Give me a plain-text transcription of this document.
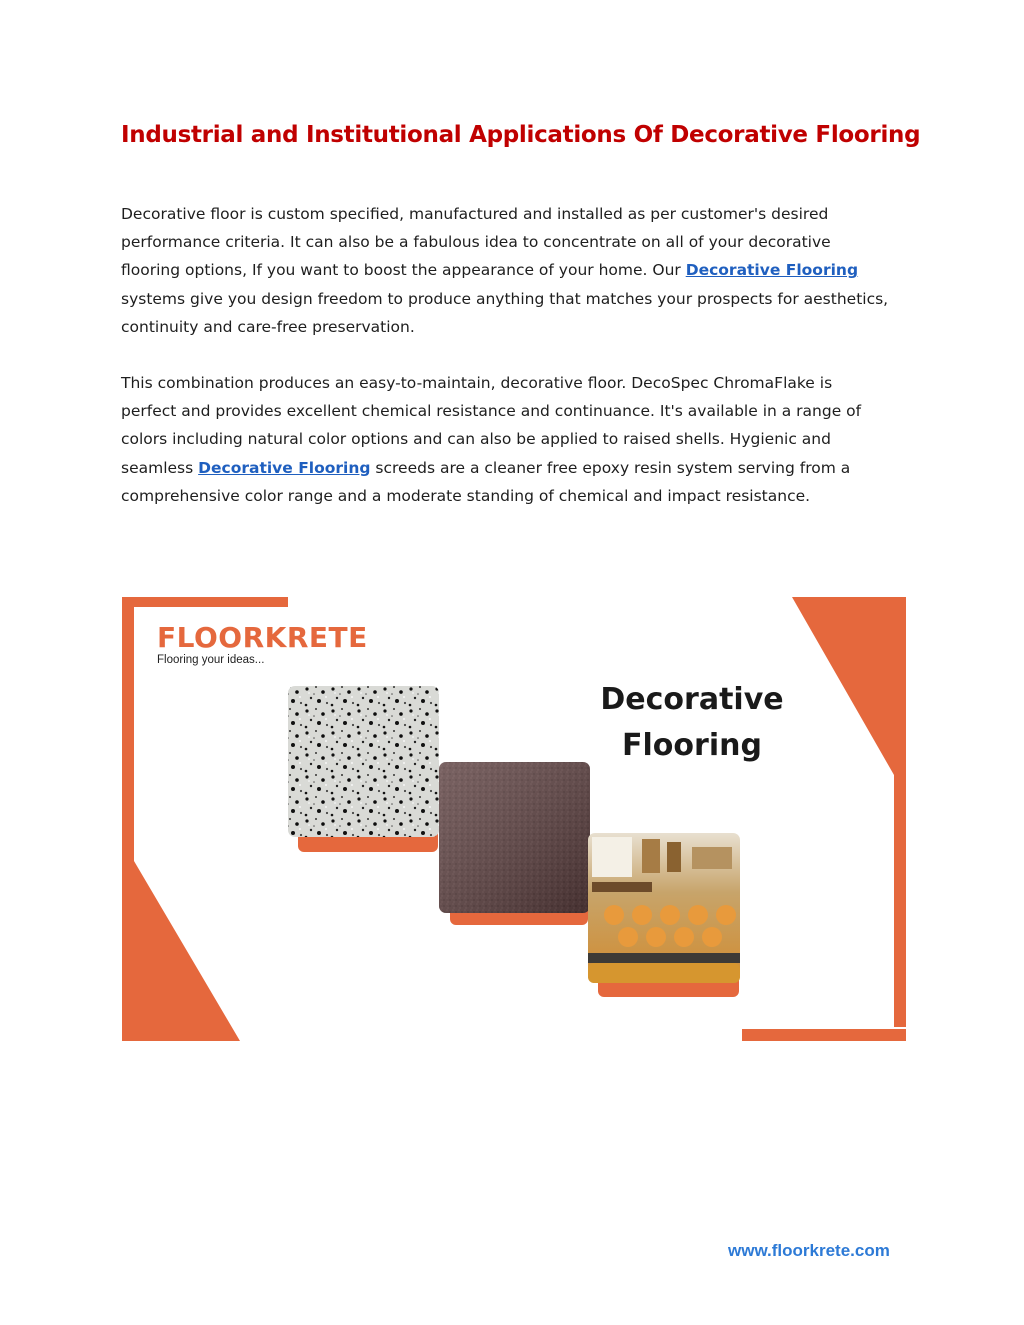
Industrial and Institutional Applications Of Decorative Flooring

Decorative floor is custom specified, manufactured and installed as per customer's desired performance criteria. It can also be a fabulous idea to concentrate on all of your decorative flooring options, If you want to boost the appearance of your home. Our Decorative Flooring systems give you design freedom to produce anything that matches your prospects for aesthetics, continuity and care-free preservation.

This combination produces an easy-to-maintain, decorative floor. DecoSpec ChromaFlake is perfect and provides excellent chemical resistance and continuance. It's available in a range of colors including natural color options and can also be applied to raised shells. Hygienic and seamless Decorative Flooring screeds are a cleaner free epoxy resin system serving from a comprehensive color range and a moderate standing of chemical and impact resistance.

FLOORKRETE

Flooring your ideas...

Decorative
Flooring

www.floorkrete.com
